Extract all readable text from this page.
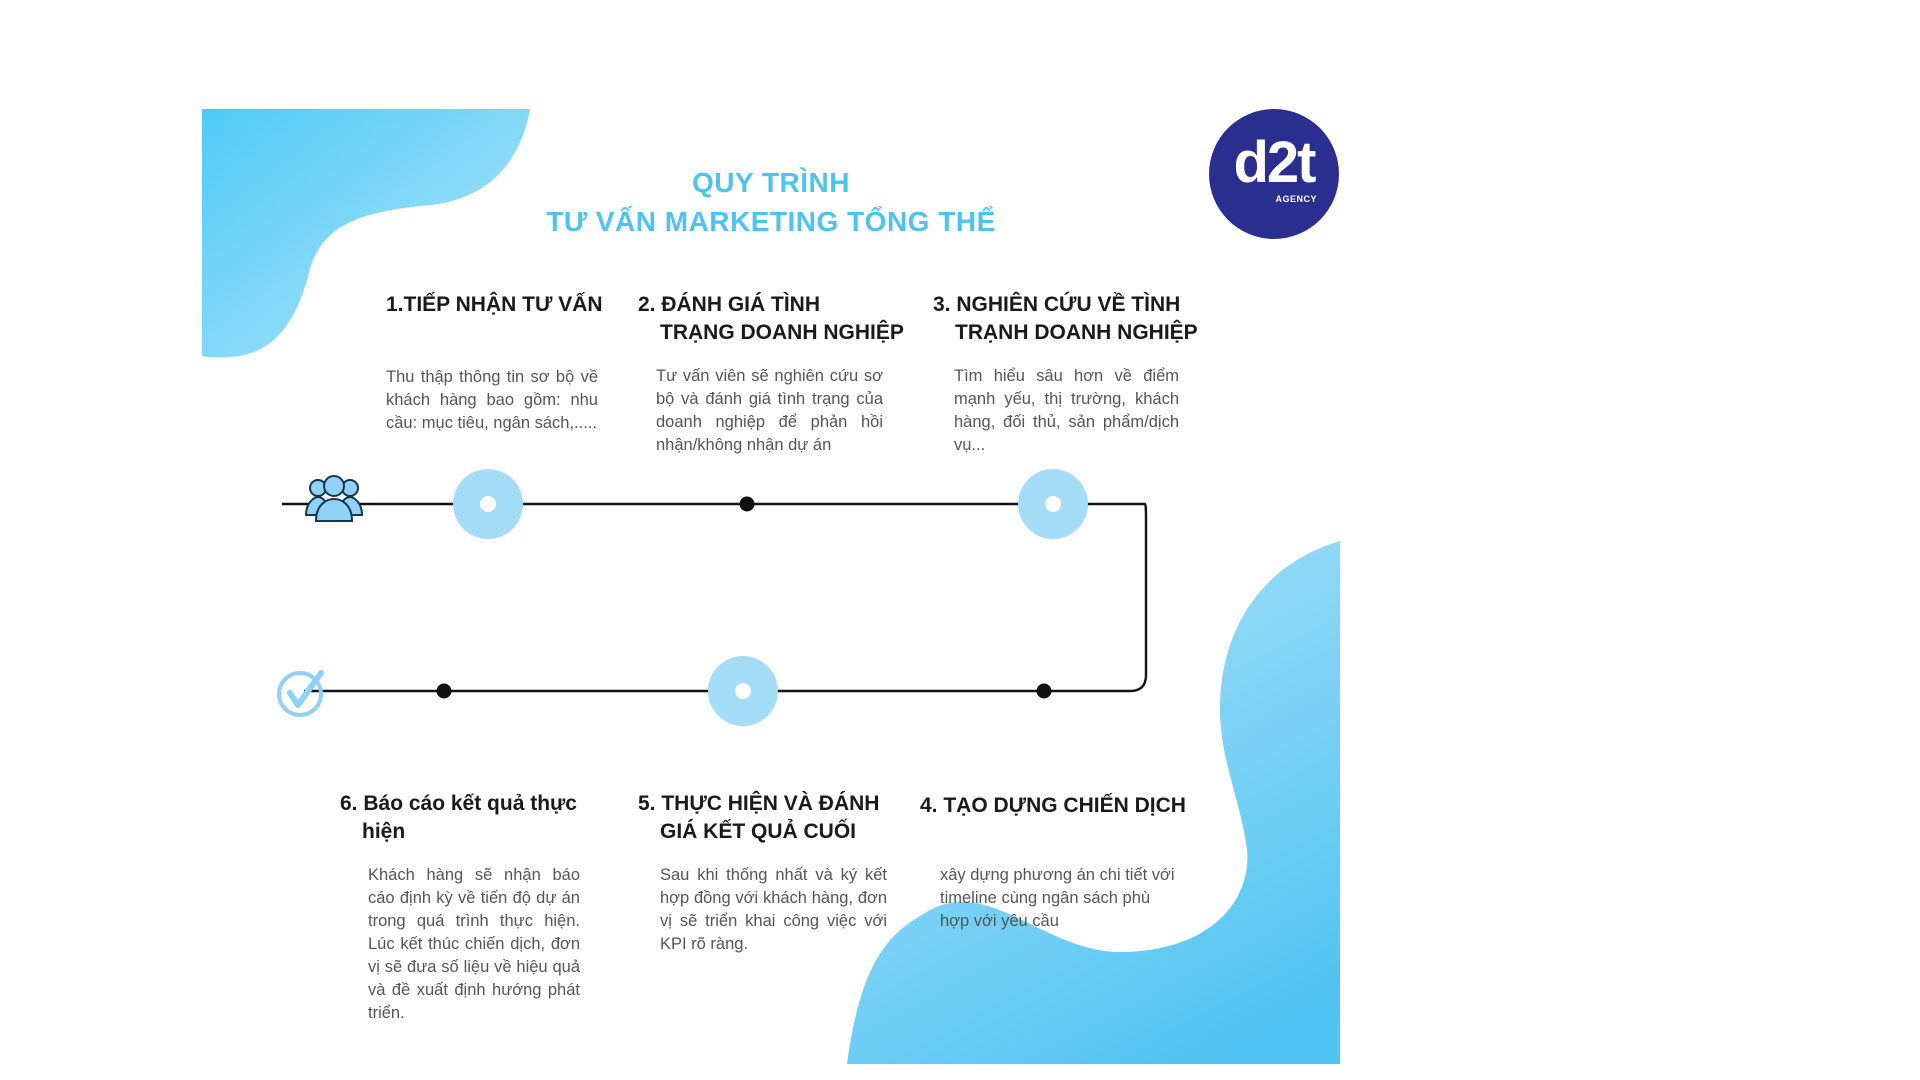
QUY TRÌNH
TƯ VẤN MARKETING TỔNG THỂ
d2t
AGENCY
1.TIẾP NHẬN TƯ VẤN

Thu thập thông tin sơ bộ về khách hàng bao gồm: nhu cầu: mục tiêu, ngân sách,.....

2. ĐÁNH GIÁ TÌNH
TRẠNG DOANH NGHIỆP

Tư vấn viên sẽ nghiên cứu sơ bộ và đánh giá tình trạng của doanh nghiệp để phản hồi nhận/không nhận dự án

3. NGHIÊN CỨU VỀ TÌNH
TRẠNH DOANH NGHIỆP

Tìm hiểu sâu hơn về điểm mạnh yếu, thị trường, khách hàng, đối thủ, sản phẩm/dịch vụ...

4. TẠO DỰNG CHIẾN DỊCH

xây dựng phương án chi tiết với timeline cùng ngân sách phù hợp với yêu cầu

5. THỰC HIỆN VÀ ĐÁNH
GIÁ KẾT QUẢ CUỐI

Sau khi thống nhất và ký kết hợp đồng với khách hàng, đơn vị sẽ triển khai công việc với KPI rõ ràng.

6. Báo cáo kết quả thực
hiện

Khách hàng sẽ nhận báo cáo định kỳ về tiến độ dự án trong quá trình thực hiện. Lúc kết thúc chiến dịch, đơn vị sẽ đưa số liệu về hiệu quả và đề xuất định hướng phát triển.
